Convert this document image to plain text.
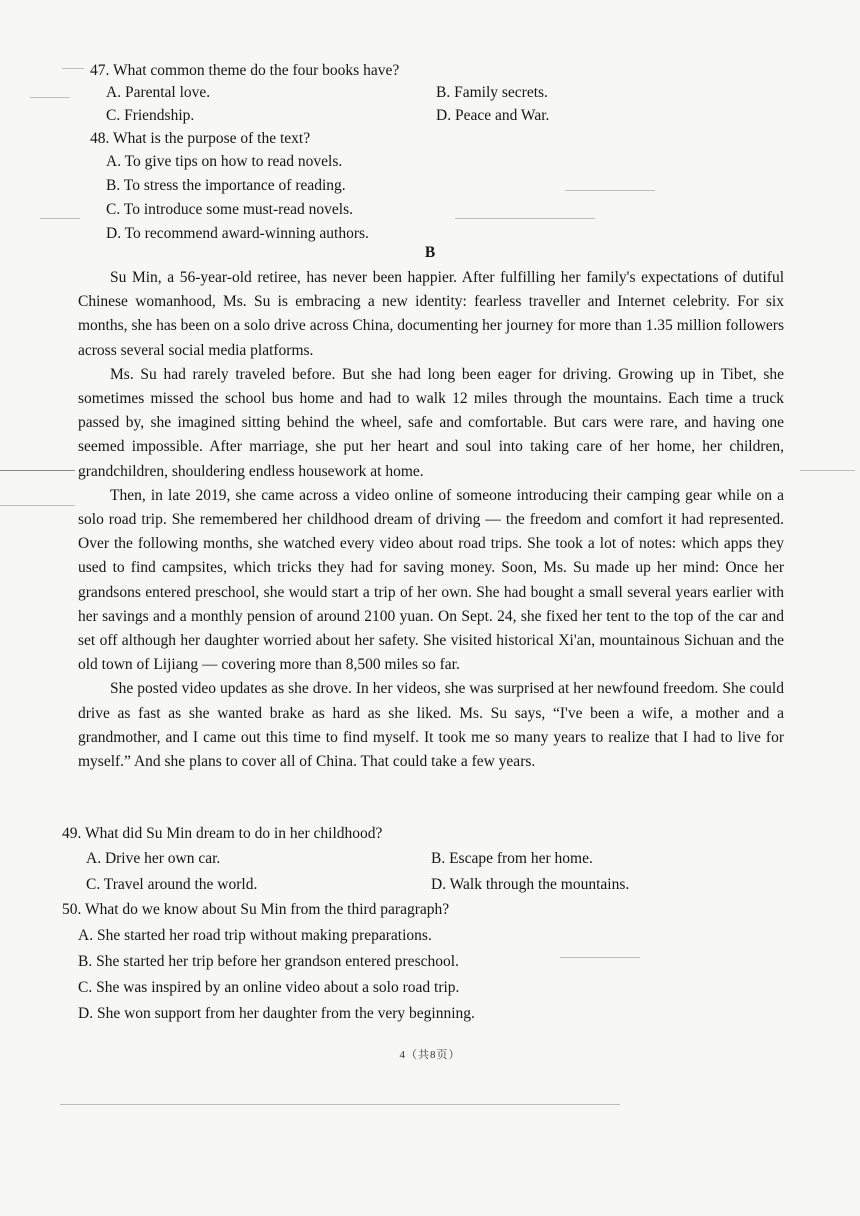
47. What common theme do the four books have?
A. Parental love.	B. Family secrets.
C. Friendship.	D. Peace and War.
48. What is the purpose of the text?
A. To give tips on how to read novels.
B. To stress the importance of reading.
C. To introduce some must-read novels.
D. To recommend award-winning authors.
B

Su Min, a 56-year-old retiree, has never been happier. After fulfilling her family's expectations of dutiful Chinese womanhood, Ms. Su is embracing a new identity: fearless traveller and Internet celebrity. For six months, she has been on a solo drive across China, documenting her journey for more than 1.35 million followers across several social media platforms.

Ms. Su had rarely traveled before. But she had long been eager for driving. Growing up in Tibet, she sometimes missed the school bus home and had to walk 12 miles through the mountains. Each time a truck passed by, she imagined sitting behind the wheel, safe and comfortable. But cars were rare, and having one seemed impossible. After marriage, she put her heart and soul into taking care of her home, her children, grandchildren, shouldering endless housework at home.

Then, in late 2019, she came across a video online of someone introducing their camping gear while on a solo road trip. She remembered her childhood dream of driving — the freedom and comfort it had represented. Over the following months, she watched every video about road trips. She took a lot of notes: which apps they used to find campsites, which tricks they had for saving money. Soon, Ms. Su made up her mind: Once her grandsons entered preschool, she would start a trip of her own. She had bought a small several years earlier with her savings and a monthly pension of around 2100 yuan. On Sept. 24, she fixed her tent to the top of the car and set off although her daughter worried about her safety. She visited historical Xi'an, mountainous Sichuan and the old town of Lijiang — covering more than 8,500 miles so far.

She posted video updates as she drove. In her videos, she was surprised at her newfound freedom. She could drive as fast as she wanted brake as hard as she liked. Ms. Su says, “I've been a wife, a mother and a grandmother, and I came out this time to find myself. It took me so many years to realize that I had to live for myself.” And she plans to cover all of China. That could take a few years.

49. What did Su Min dream to do in her childhood?
A. Drive her own car.	B. Escape from her home.
C. Travel around the world.	D. Walk through the mountains.
50. What do we know about Su Min from the third paragraph?
A. She started her road trip without making preparations.
B. She started her trip before her grandson entered preschool.
C. She was inspired by an online video about a solo road trip.
D. She won support from her daughter from the very beginning.
4（共8页）
